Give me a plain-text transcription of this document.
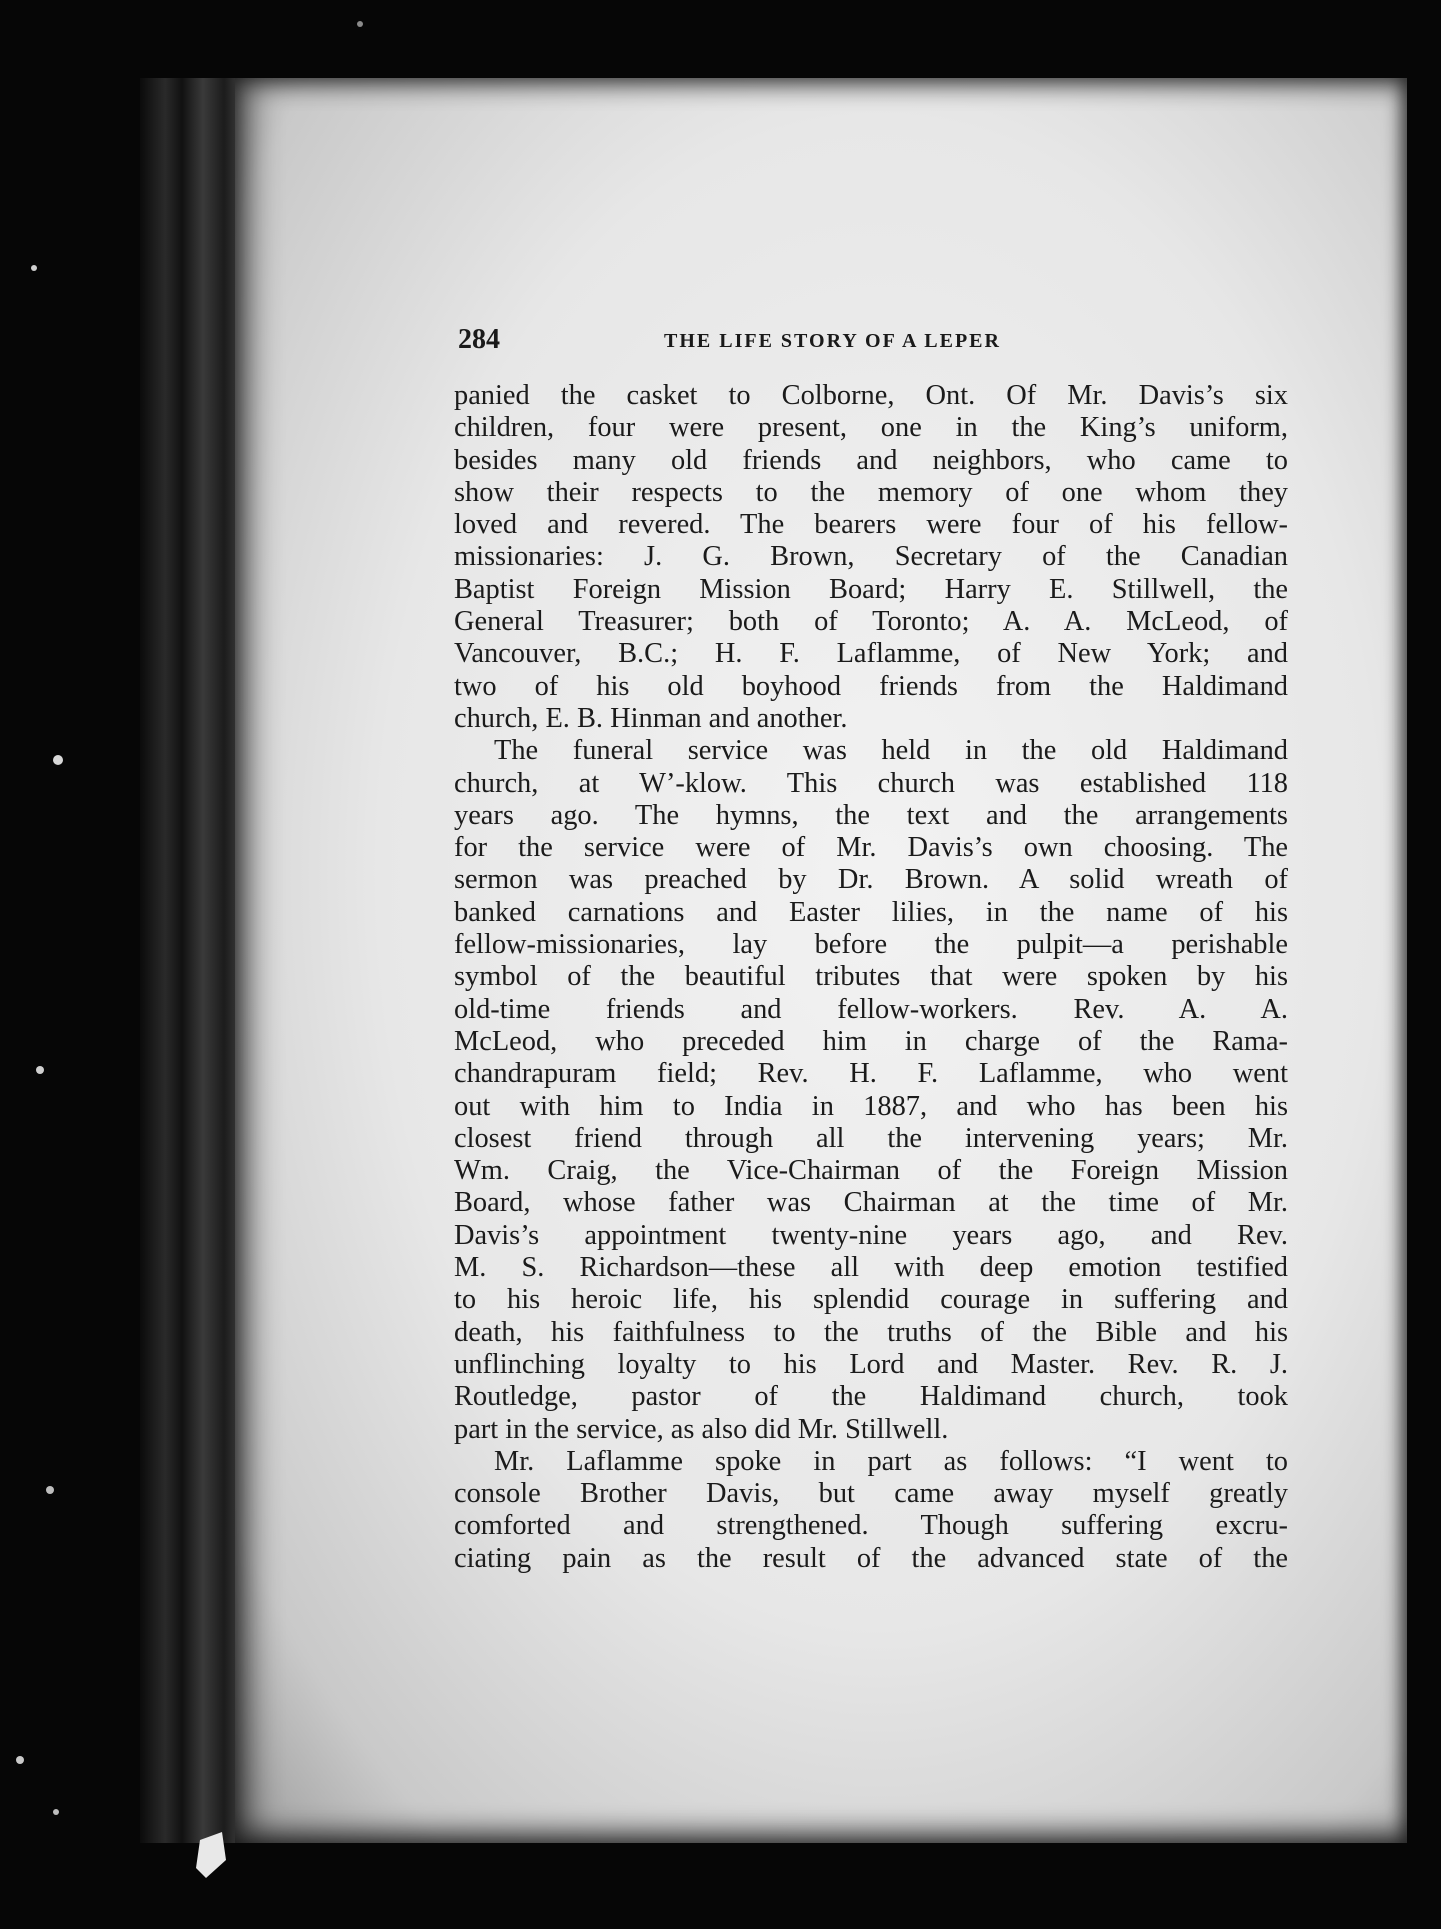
284	THE LIFE STORY OF A LEPER
panied the casket to Colborne, Ont. Of Mr. Davis’s six
children, four were present, one in the King’s uniform,
besides many old friends and neighbors, who came to
show their respects to the memory of one whom they
loved and revered. The bearers were four of his fellow-
missionaries: J. G. Brown, Secretary of the Canadian
Baptist Foreign Mission Board; Harry E. Stillwell, the
General Treasurer; both of Toronto; A. A. McLeod, of
Vancouver, B.C.; H. F. Laflamme, of New York; and
two of his old boyhood friends from the Haldimand
church, E. B. Hinman and another.
The funeral service was held in the old Haldimand
church, at W’‑klow. This church was established 118
years ago. The hymns, the text and the arrangements
for the service were of Mr. Davis’s own choosing. The
sermon was preached by Dr. Brown. A solid wreath of
banked carnations and Easter lilies, in the name of his
fellow-missionaries, lay before the pulpit—a perishable
symbol of the beautiful tributes that were spoken by his
old-time friends and fellow-workers. Rev. A. A.
McLeod, who preceded him in charge of the Rama-
chandrapuram field; Rev. H. F. Laflamme, who went
out with him to India in 1887, and who has been his
closest friend through all the intervening years; Mr.
Wm. Craig, the Vice-Chairman of the Foreign Mission
Board, whose father was Chairman at the time of Mr.
Davis’s appointment twenty-nine years ago, and Rev.
M. S. Richardson—these all with deep emotion testified
to his heroic life, his splendid courage in suffering and
death, his faithfulness to the truths of the Bible and his
unflinching loyalty to his Lord and Master. Rev. R. J.
Routledge, pastor of the Haldimand church, took
part in the service, as also did Mr. Stillwell.
Mr. Laflamme spoke in part as follows: “I went to
console Brother Davis, but came away myself greatly
comforted and strengthened. Though suffering excru-
ciating pain as the result of the advanced state of the
